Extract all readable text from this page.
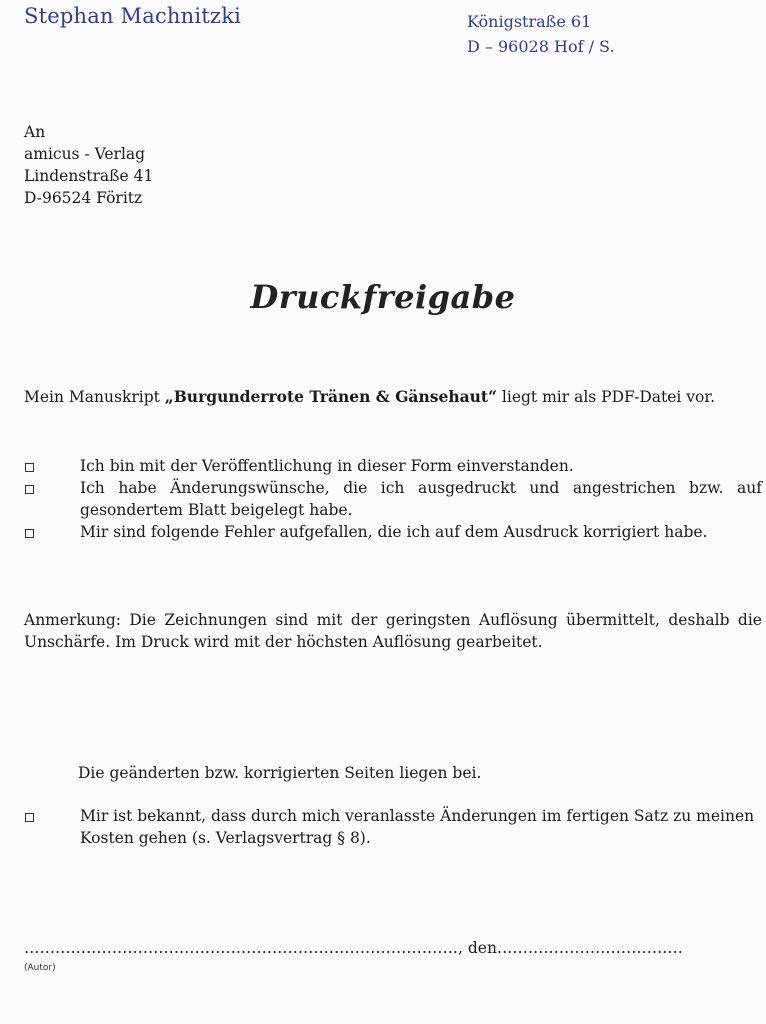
Stephan Machnitzki	Königstraße 61
D – 96028 Hof / S.
An
amicus - Verlag
Lindenstraße 41
D-96524 Föritz
Druckfreigabe
Mein Manuskript „Burgunderrote Tränen & Gänsehaut“ liegt mir als PDF-Datei vor.
Ich bin mit der Veröffentlichung in dieser Form einverstanden.
Ich habe Änderungswünsche, die ich ausgedruckt und angestrichen bzw. auf gesondertem Blatt beigelegt habe.
Mir sind folgende Fehler aufgefallen, die ich auf dem Ausdruck korrigiert habe.
Anmerkung: Die Zeichnungen sind mit der geringsten Auflösung übermittelt, deshalb die Unschärfe. Im Druck wird mit der höchsten Auflösung gearbeitet.
Die geänderten bzw. korrigierten Seiten liegen bei.
Mir ist bekannt, dass durch mich veranlasste Änderungen im fertigen Satz zu meinen Kosten gehen (s. Verlagsvertrag § 8).
…………………………………………………………………………, den………………………………
(Autor)
